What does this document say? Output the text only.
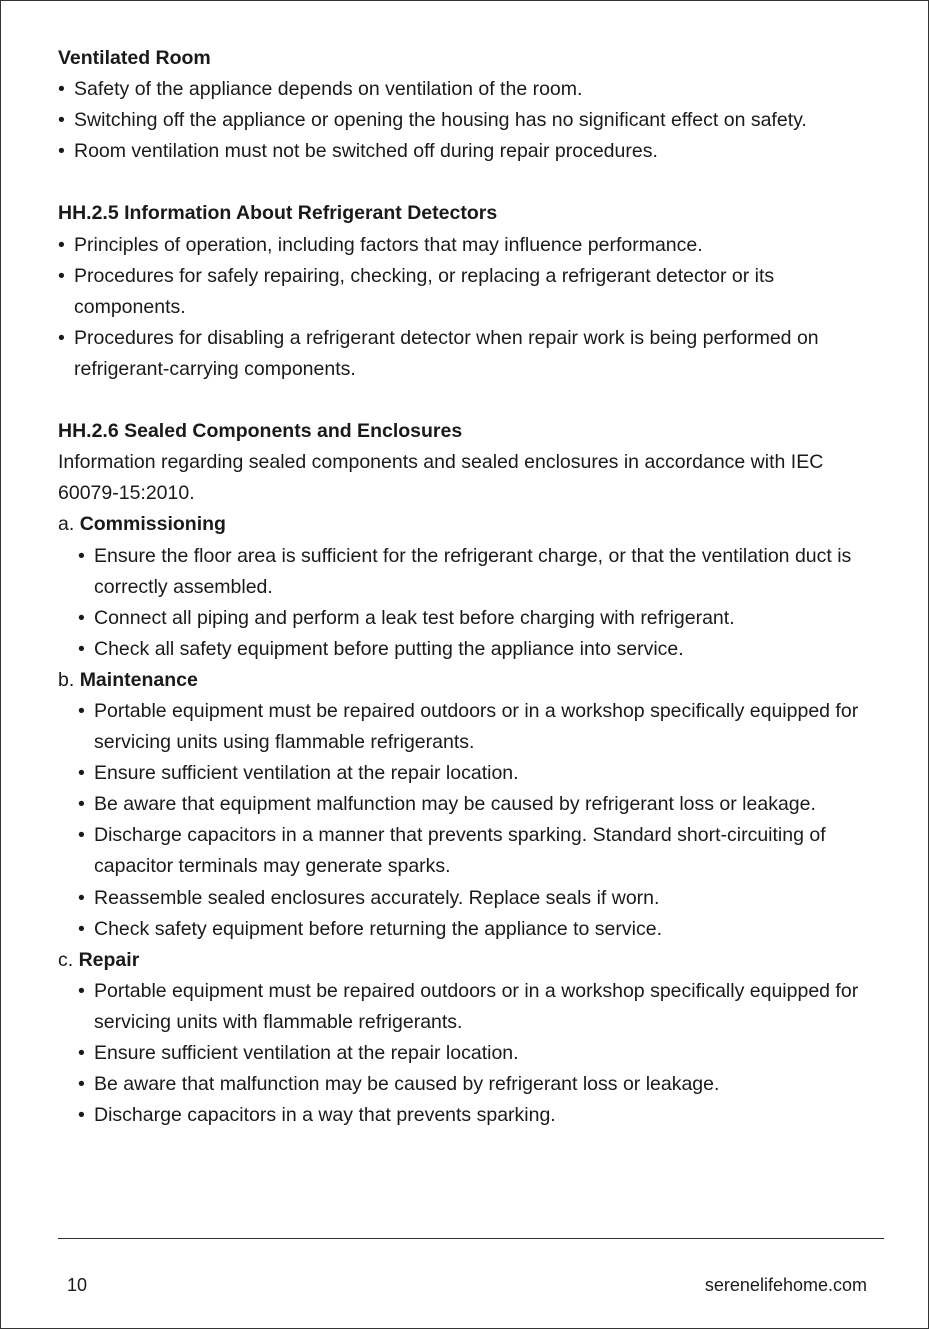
Ventilated Room
• Safety of the appliance depends on ventilation of the room.
• Switching off the appliance or opening the housing has no significant effect on safety.
• Room ventilation must not be switched off during repair procedures.
HH.2.5 Information About Refrigerant Detectors
• Principles of operation, including factors that may influence performance.
• Procedures for safely repairing, checking, or replacing a refrigerant detector or its components.
• Procedures for disabling a refrigerant detector when repair work is being performed on refrigerant-carrying components.
HH.2.6 Sealed Components and Enclosures
Information regarding sealed components and sealed enclosures in accordance with IEC 60079-15:2010.
a. Commissioning
• Ensure the floor area is sufficient for the refrigerant charge, or that the ventilation duct is correctly assembled.
• Connect all piping and perform a leak test before charging with refrigerant.
• Check all safety equipment before putting the appliance into service.
b. Maintenance
• Portable equipment must be repaired outdoors or in a workshop specifically equipped for servicing units using flammable refrigerants.
• Ensure sufficient ventilation at the repair location.
• Be aware that equipment malfunction may be caused by refrigerant loss or leakage.
• Discharge capacitors in a manner that prevents sparking. Standard short-circuiting of capacitor terminals may generate sparks.
• Reassemble sealed enclosures accurately. Replace seals if worn.
• Check safety equipment before returning the appliance to service.
c. Repair
• Portable equipment must be repaired outdoors or in a workshop specifically equipped for servicing units with flammable refrigerants.
• Ensure sufficient ventilation at the repair location.
• Be aware that malfunction may be caused by refrigerant loss or leakage.
• Discharge capacitors in a way that prevents sparking.
10	serenelifehome.com
